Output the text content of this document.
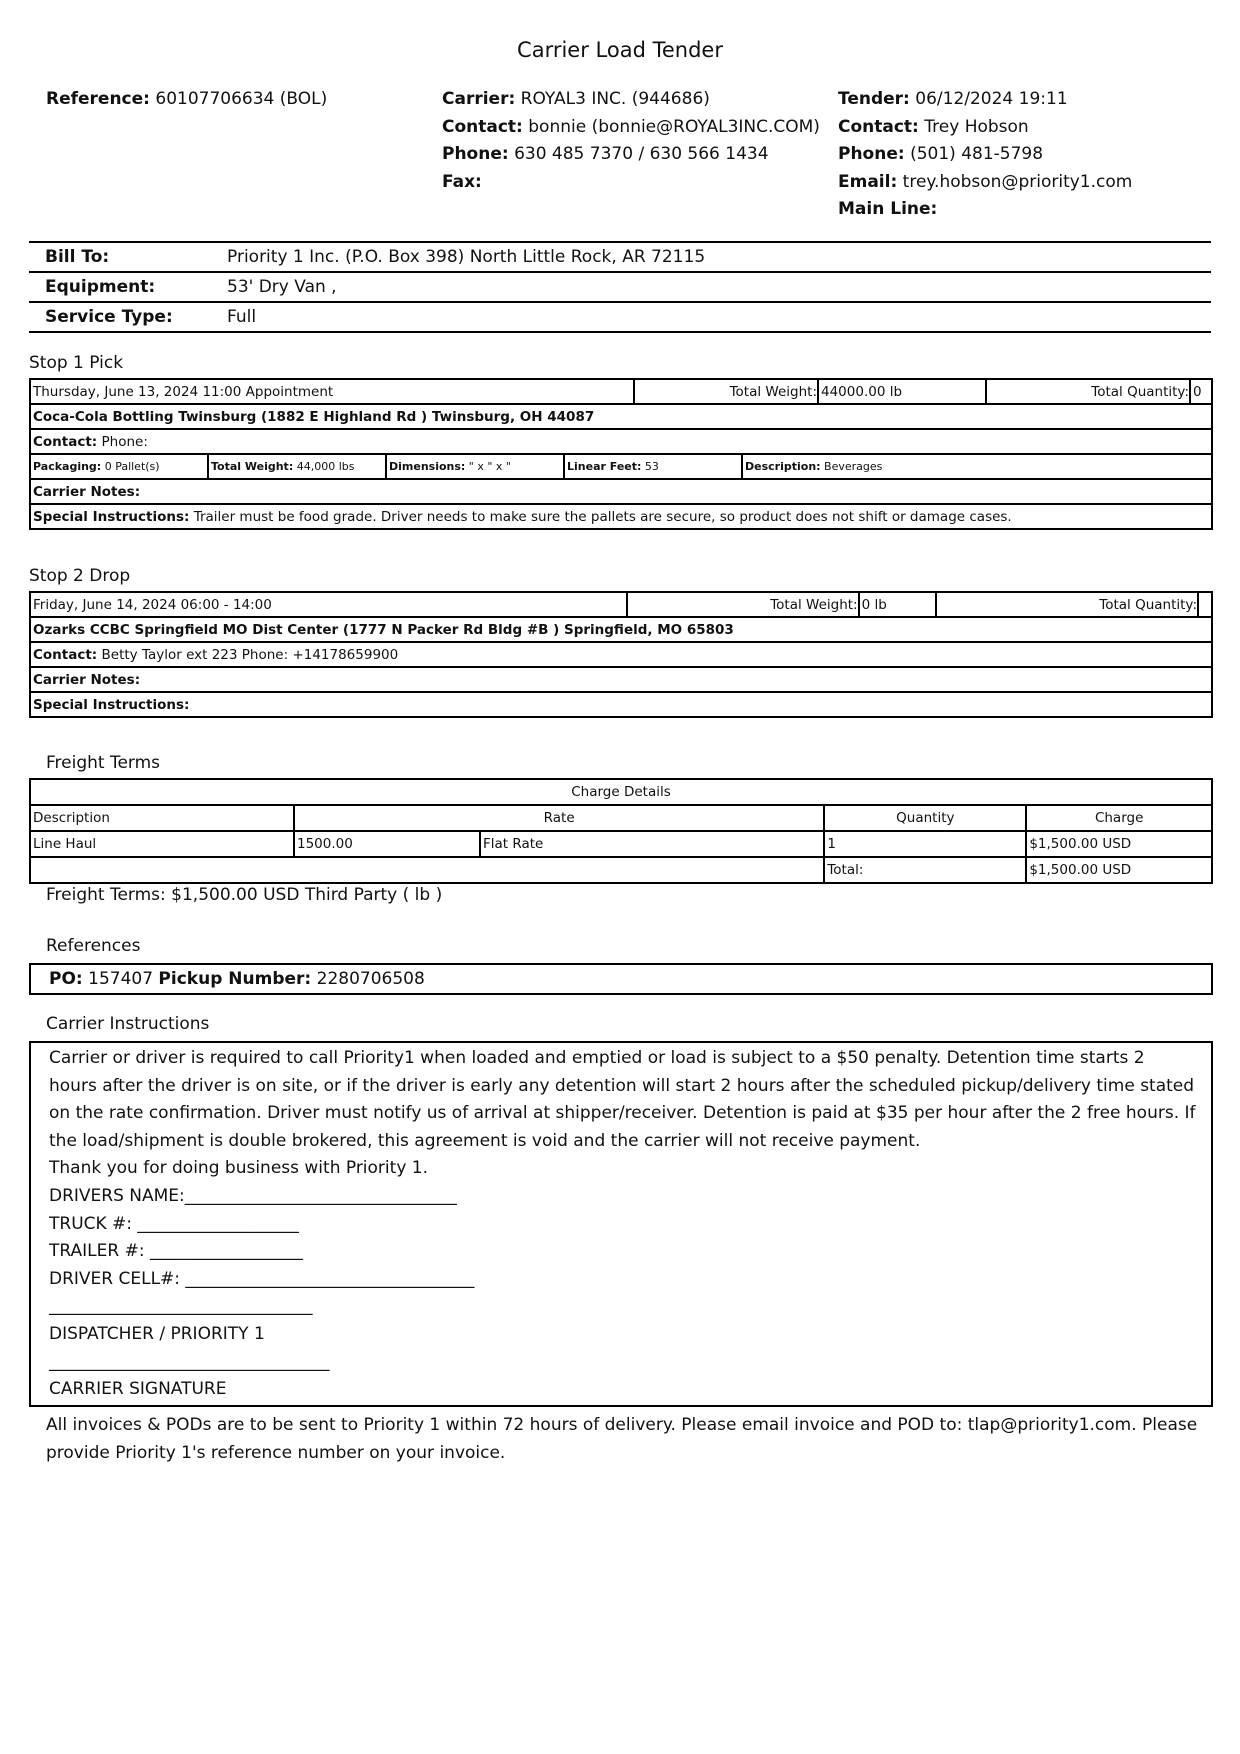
Carrier Load Tender
Reference: 60107706634 (BOL)	Carrier: ROYAL3 INC. (944686)
Contact: bonnie (bonnie@ROYAL3INC.COM)
Phone: 630 485 7370 / 630 566 1434
Fax:
Tender: 06/12/2024 19:11
Contact: Trey Hobson
Phone: (501) 481-5798
Email: trey.hobson@priority1.com
Main Line:
Bill To:	Priority 1 Inc. (P.O. Box 398) North Little Rock, AR 72115
Equipment:	53' Dry Van ,
Service Type:	Full
Stop 1 Pick
Thursday, June 13, 2024 11:00 Appointment	Total Weight:	44000.00 lb	Total Quantity:	0
Coca-Cola Bottling Twinsburg (1882 E Highland Rd ) Twinsburg, OH 44087
Contact: Phone:

Packaging: 0 Pallet(s)	Total Weight: 44,000 lbs	Dimensions: " x " x "	Linear Feet: 53	Description: Beverages

Carrier Notes:
Special Instructions: Trailer must be food grade. Driver needs to make sure the pallets are secure, so product does not shift or damage cases.
Stop 2 Drop
Friday, June 14, 2024 06:00 - 14:00	Total Weight:	0 lb	Total Quantity:	
Ozarks CCBC Springfield MO Dist Center (1777 N Packer Rd Bldg #B ) Springfield, MO 65803
Contact: Betty Taylor ext 223 Phone: +14178659900
Carrier Notes:
Special Instructions:
Freight Terms
Charge Details				
Description	Rate		Quantity	Charge
Line Haul	1500.00	Flat Rate	1	$1,500.00 USD
			Total:	$1,500.00 USD
Freight Terms: $1,500.00 USD Third Party ( lb )
References
PO: 157407 Pickup Number: 2280706508
Carrier Instructions
Carrier or driver is required to call Priority1 when loaded and emptied or load is subject to a $50 penalty. Detention time starts 2 hours after the driver is on site, or if the driver is early any detention will start 2 hours after the scheduled pickup/delivery time stated on the rate confirmation. Driver must notify us of arrival at shipper/receiver. Detention is paid at $35 per hour after the 2 free hours. If the load/shipment is double brokered, this agreement is void and the carrier will not receive payment.
Thank you for doing business with Priority 1.
DRIVERS NAME:________________________________
TRUCK #: ___________________
TRAILER #: __________________
DRIVER CELL#: __________________________________
_______________________________
DISPATCHER / PRIORITY 1
_________________________________
CARRIER SIGNATURE
All invoices & PODs are to be sent to Priority 1 within 72 hours of delivery. Please email invoice and POD to: tlap@priority1.com. Please provide Priority 1's reference number on your invoice.
